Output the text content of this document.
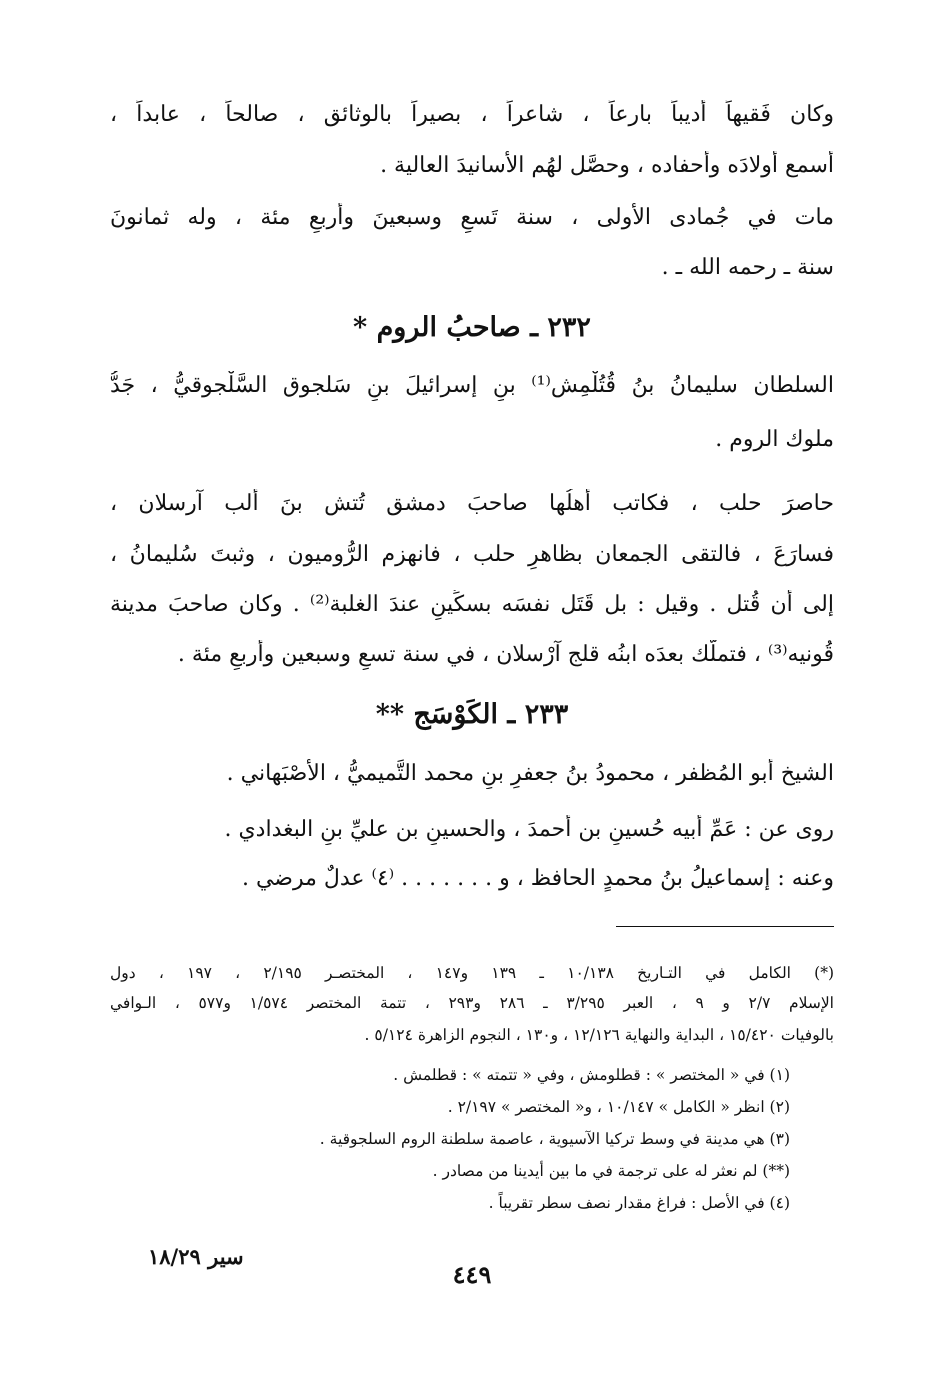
وكان فَقيهاً أديباً بارعاً ، شاعراً ، بصيراً بالوثائق ، صالحاً ، عابداً ،
أسمع أولادَه وأحفاده ، وحصَّل لهُم الأسانيدَ العالية .
مات في جُمادى الأولى ، سنة تَسعٍ وسبعينَ وأربعٍ مئة ، وله ثمانونَ
سنة ـ رحمه الله ـ .
٢٣٢ ـ صاحبُ الروم *
السلطان سليمانُ بنُ قُتُلْمِش⁽¹⁾ بنِ إسرائيلَ بنِ سَلجوق السَّلْجوقيُّ ، جَدُّ
ملوك الروم .
حاصرَ حلب ، فكاتب أهلُها صاحبَ دمشق تُتش بنَ ألب آرسلان ،
فسارَعَ ، فالتقى الجمعان بظاهرِ حلب ، فانهزم الرُّوميون ، وثبتَ سُليمانُ ،
إلى أن قُتل . وقيل : بل قَتَل نفسَه بسكِّينٍ عندَ الغلبة⁽²⁾ . وكان صاحبَ مدينة
قُونيه⁽³⁾ ، فتملَّك بعدَه ابنُه قلج آرْسلان ، في سنة تسعٍ وسبعين وأربعٍ مئة .
٢٣٣ ـ الكَوْسَج **
الشيخ أبو المُظفر ، محمودُ بنُ جعفرِ بنِ محمد التَّميميُّ ، الأَصْبَهاني .
روى عن : عَمِّ أبيه حُسينِ بن أحمدَ ، والحسينِ بن عليِّ بنِ البغدادي .
وعنه : إسماعيلُ بنُ محمدٍ الحافظ ، و . . . . . . . ⁽٤⁾ عدلٌ مرضي .
(*) الكامل في التـاريخ ١٠/١٣٨ ـ ١٣٩ و١٤٧ ، المختصـر ٢/١٩٥ ، ١٩٧ ، دول
الإسلام ٢/٧ و ٩ ، العبر ٣/٢٩٥ ـ ٢٨٦ و٢٩٣ ، تتمة المختصر ١/٥٧٤ و٥٧٧ ، الـوافي
بالوفيات ١٥/٤٢٠ ، البداية والنهاية ١٢/١٢٦ ، و١٣٠ ، النجوم الزاهرة ٥/١٢٤ .
(١) في « المختصر » : قطلومش ، وفي « تتمته » : قطلمش .
(٢) انظر « الكامل » ١٠/١٤٧ ، و« المختصر » ٢/١٩٧ .
(٣) هي مدينة في وسط تركيا الآسيوية ، عاصمة سلطنة الروم السلجوقية .
(**) لم نعثر له على ترجمة في ما بين أيدينا من مصادر .
(٤) في الأصل : فراغ مقدار نصف سطر تقريباً .
سير ١٨/٢٩
٤٤٩
